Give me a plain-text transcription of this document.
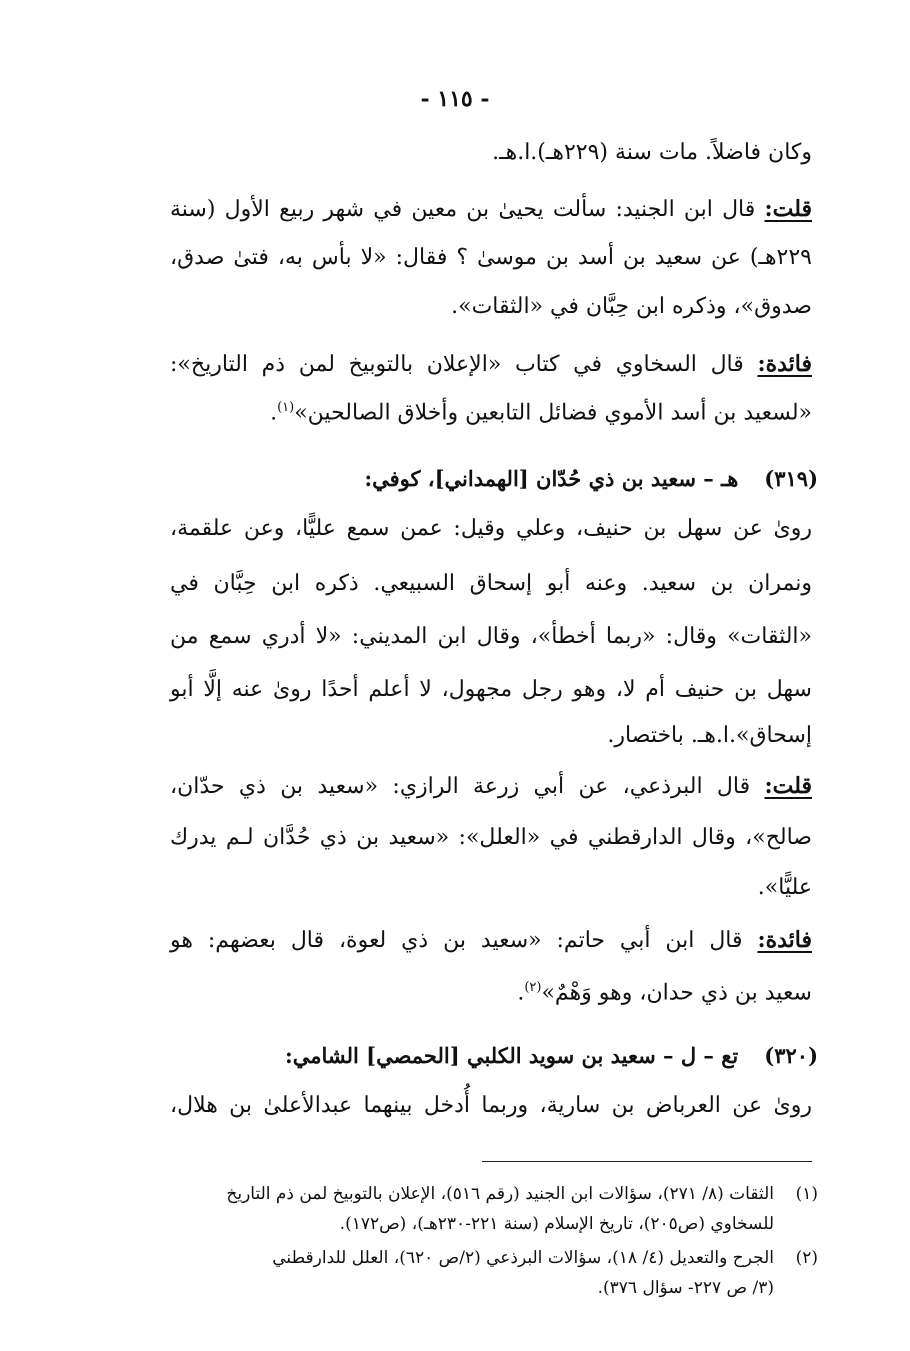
- ١١٥ -
وكان فاضلاً. مات سنة (٢٢٩هـ).ا.هـ.
قلت: قال ابن الجنيد: سألت يحيىٰ بن معين في شهر ربيع الأول (سنة
٢٢٩هـ) عن سعيد بن أسد بن موسىٰ ؟ فقال: «لا بأس به، فتىٰ صدق،
صدوق»، وذكره ابن حِبَّان في «الثقات».
فائدة: قال السخاوي في كتاب «الإعلان بالتوبيخ لمن ذم التاريخ»:
«لسعيد بن أسد الأموي فضائل التابعين وأخلاق الصالحين»$^{(١)}$.
(٣١٩)هـ – سعيد بن ذي حُدّان [الهمداني]، كوفي:
روىٰ عن سهل بن حنيف، وعلي وقيل: عمن سمع عليًّا، وعن علقمة،
ونمران بن سعيد. وعنه أبو إسحاق السبيعي. ذكره ابن حِبَّان في
«الثقات» وقال: «ربما أخطأ»، وقال ابن المديني: «لا أدري سمع من
سهل بن حنيف أم لا، وهو رجل مجهول، لا أعلم أحدًا روىٰ عنه إلَّا أبو
إسحاق».ا.هـ. باختصار.
قلت: قال البرذعي، عن أبي زرعة الرازي: «سعيد بن ذي حدّان،
صالح»، وقال الدارقطني في «العلل»: «سعيد بن ذي حُدَّان لـم يدرك
عليًّا».
فائدة: قال ابن أبي حاتم: «سعيد بن ذي لعوة، قال بعضهم: هو
سعيد بن ذي حدان، وهو وَهْمٌ»$^{(٢)}$.
(٣٢٠)تع – ل – سعيد بن سويد الكلبي [الحمصي] الشامي:
روىٰ عن العرباض بن سارية، وربما أُدخل بينهما عبدالأعلىٰ بن هلال،
(١)الثقات (٨/ ٢٧١)، سؤالات ابن الجنيد (رقم ٥١٦)، الإعلان بالتوبيخ لمن ذم التاريخ
للسخاوي (ص٢٠٥)، تاريخ الإسلام (سنة ٢٢١-٢٣٠هـ)، (ص١٧٢).
(٢)الجرح والتعديل (٤/ ١٨)، سؤالات البرذعي (٢/ص ٦٢٠)، العلل للدارقطني
(٣/ ص ٢٢٧- سؤال ٣٧٦).
